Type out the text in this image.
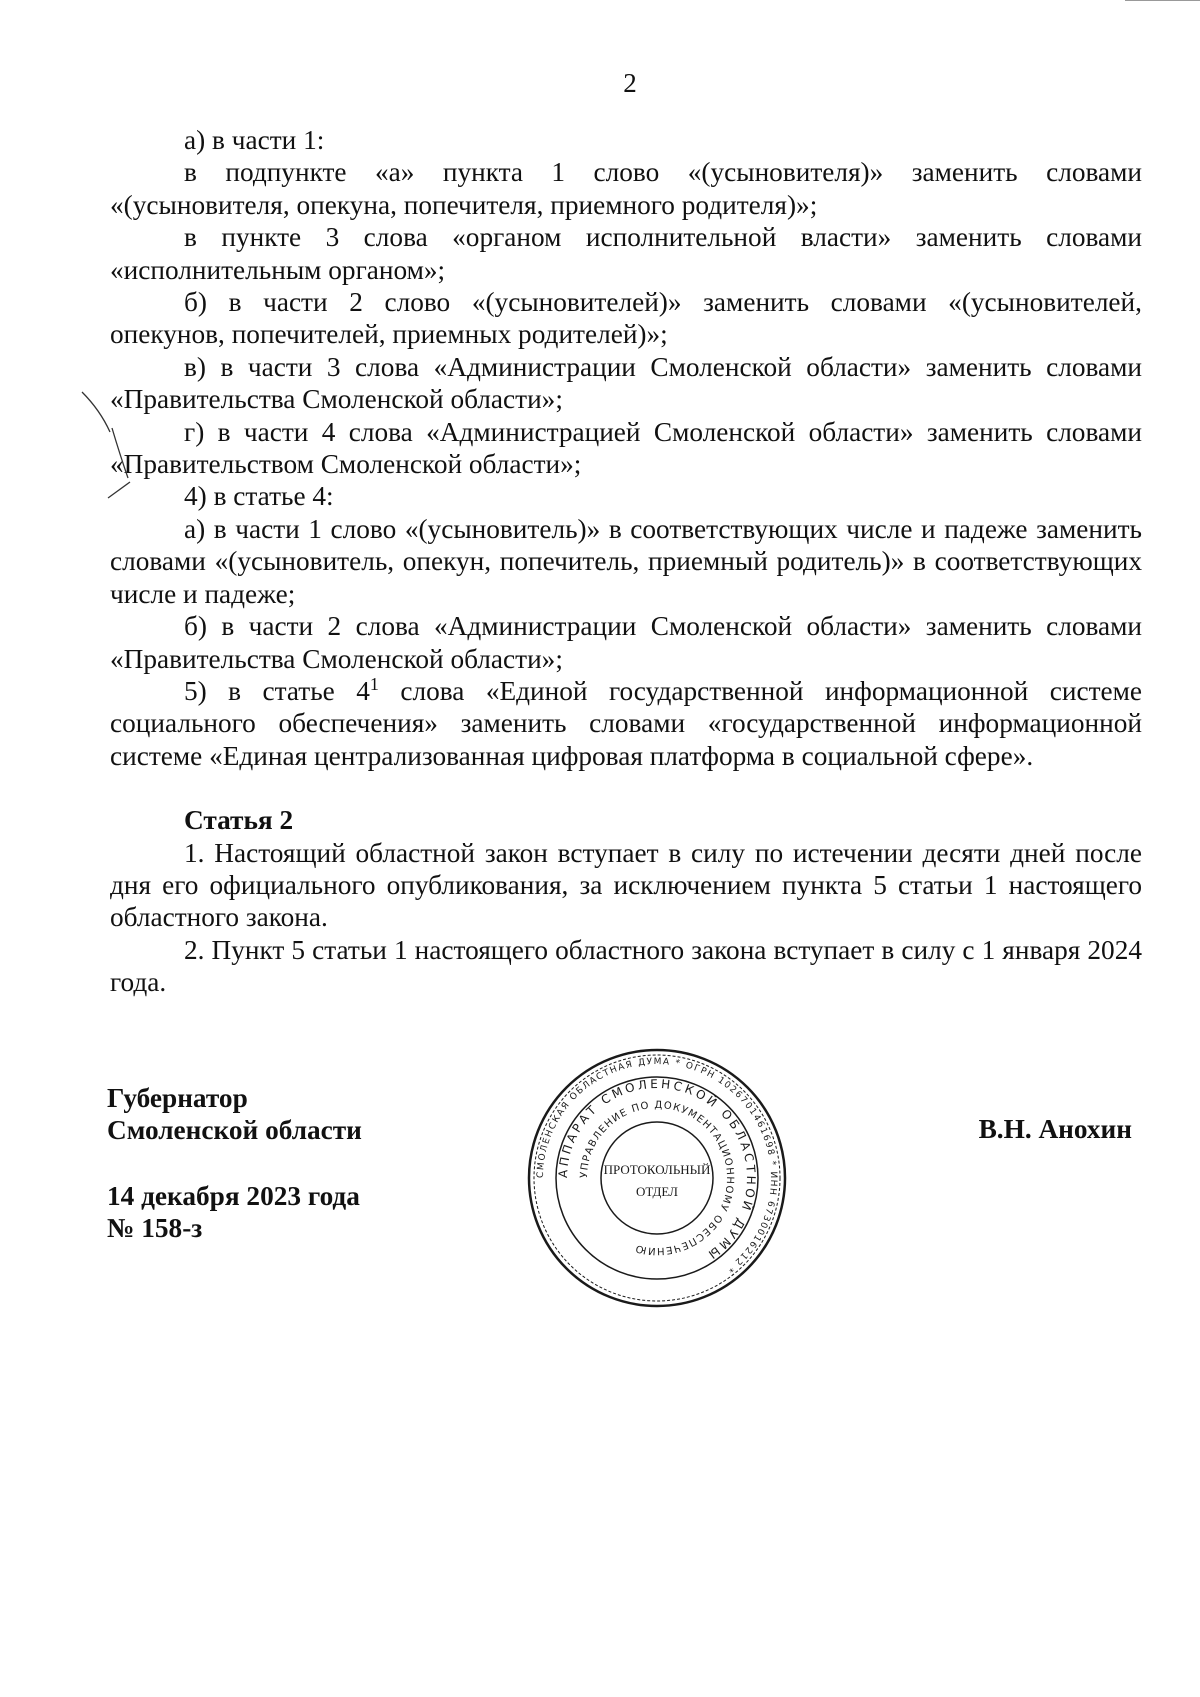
2

а) в части 1:

в подпункте «а» пункта 1 слово «(усыновителя)» заменить словами «(усыновителя, опекуна, попечителя, приемного родителя)»;

в пункте 3 слова «органом исполнительной власти» заменить словами «исполнительным органом»;

б) в части 2 слово «(усыновителей)» заменить словами «(усыновителей, опекунов, попечителей, приемных родителей)»;

в) в части 3 слова «Администрации Смоленской области» заменить словами «Правительства Смоленской области»;

г) в части 4 слова «Администрацией Смоленской области» заменить словами «Правительством Смоленской области»;

4) в статье 4:

а) в части 1 слово «(усыновитель)» в соответствующих числе и падеже заменить словами «(усыновитель, опекун, попечитель, приемный родитель)» в соответствующих числе и падеже;

б) в части 2 слова «Администрации Смоленской области» заменить словами «Правительства Смоленской области»;

5) в статье $4^1$ слова «Единой государственной информационной системе социального обеспечения» заменить словами «государственной информационной системе «Единая централизованная цифровая платформа в социальной сфере».

Статья 2

1. Настоящий областной закон вступает в силу по истечении десяти дней после дня его официального опубликования, за исключением пункта 5 статьи 1 настоящего областного закона.

2. Пункт 5 статьи 1 настоящего областного закона вступает в силу с 1 января 2024 года.

Губернатор
Смоленской области
14 декабря 2023 года
№ 158-з
В.Н. Анохин
СМОЛЕНСКАЯ ОБЛАСТНАЯ ДУМА * ОГРН 1026701461698 * ИНН 6730016212 *
АППАРАТ СМОЛЕНСКОЙ ОБЛАСТНОЙ ДУМЫ
УПРАВЛЕНИЕ ПО ДОКУМЕНТАЦИОННОМУ ОБЕСПЕЧЕНИЮ
ПРОТОКОЛЬНЫЙ
ОТДЕЛ
